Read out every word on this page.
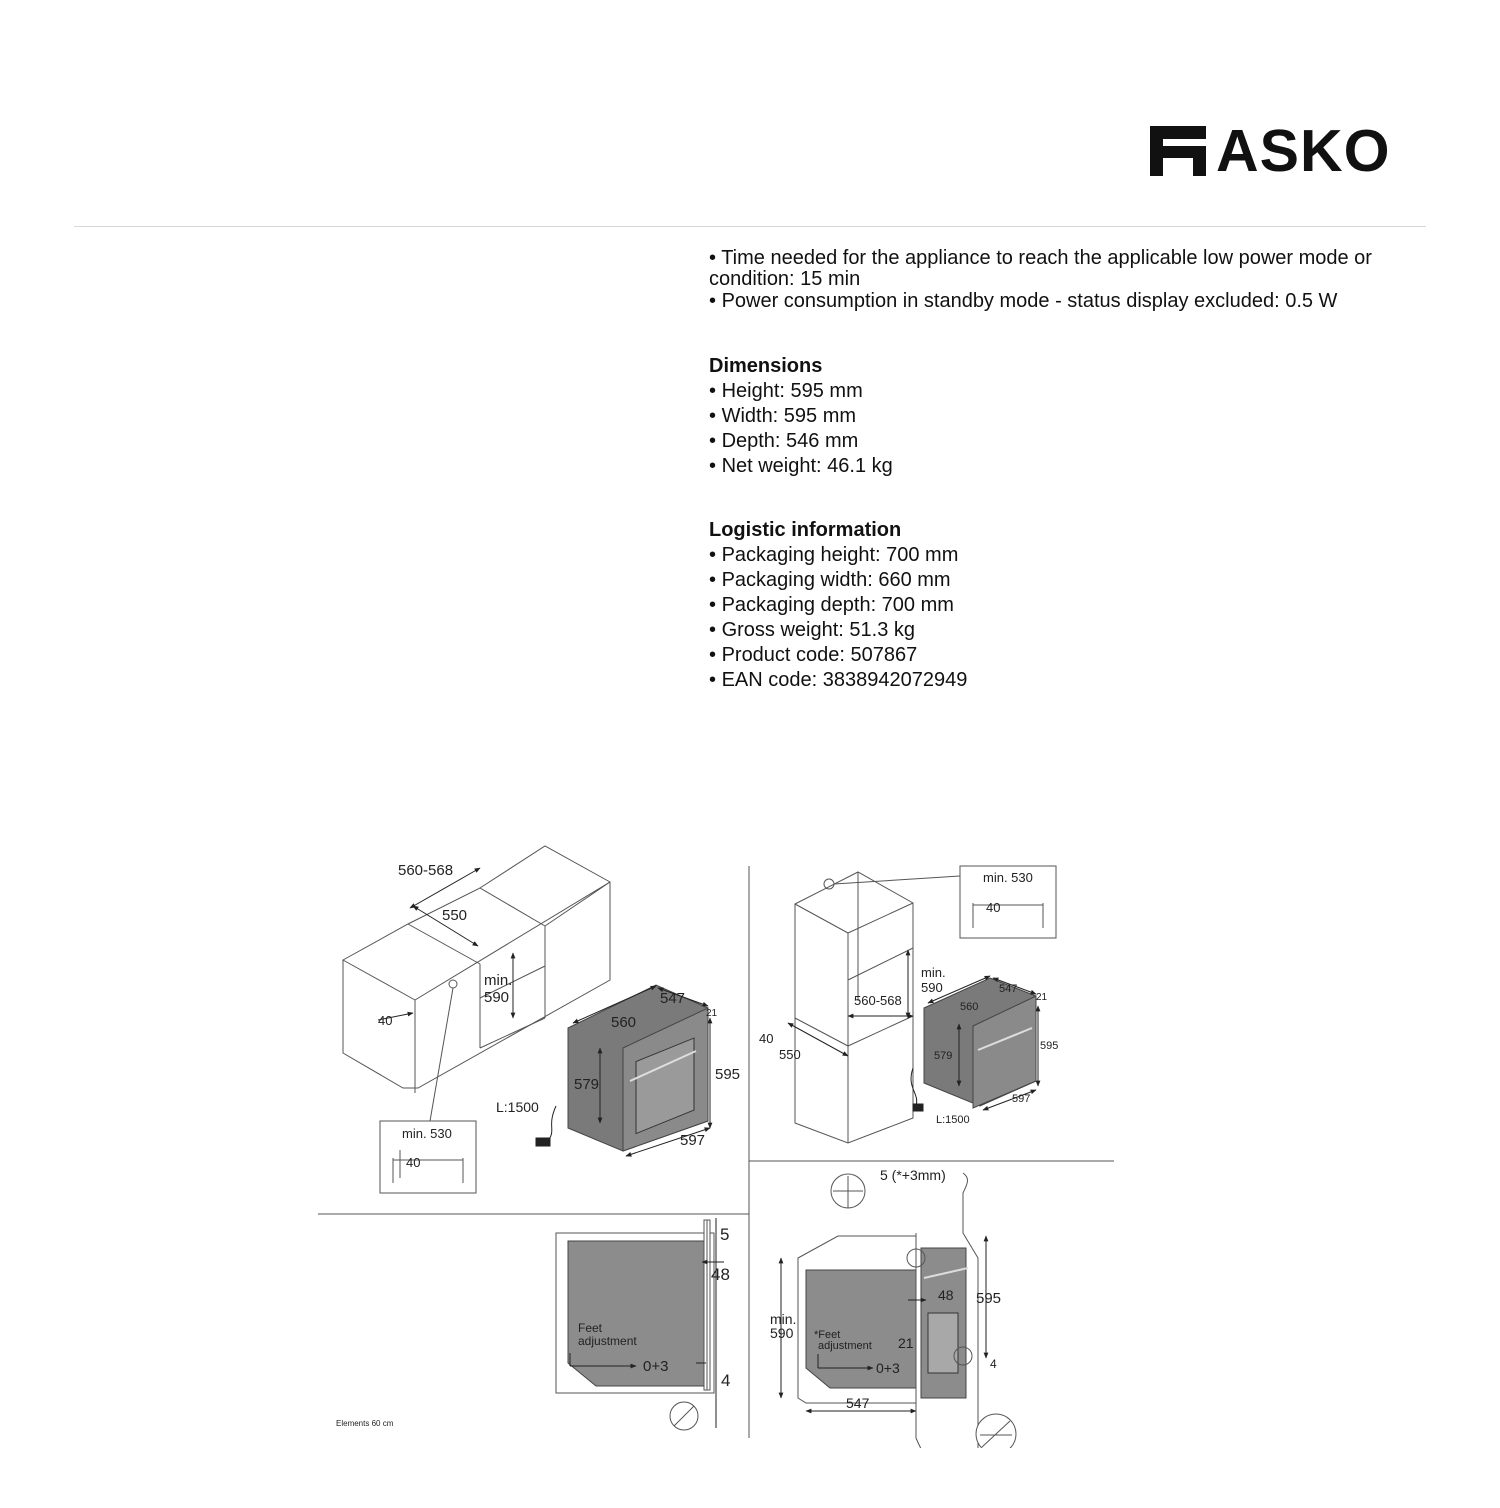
ASKO
• Time needed for the appliance to reach the applicable low power mode or condition: 15 min
• Power consumption in standby mode - status display excluded: 0.5 W
Dimensions
• Height: 595 mm
• Width: 595 mm
• Depth: 546 mm
• Net weight: 46.1 kg
Logistic information
• Packaging height: 700 mm
• Packaging width: 660 mm
• Packaging depth: 700 mm
• Gross weight: 51.3 kg
• Product code: 507867
• EAN code: 3838942072949
560-568
550
min.
590
40
547
560
21
579
595
597
L:1500
min. 530
40
min. 530
40
min.
590
560-568
40
550
547
560
21
579
595
597
L:1500
5
48
Feet
adjustment
0+3
4
Elements 60 cm
5 (*+3mm)
48 595
min.
590 *Feet
adjustment 21
0+3	4
547
